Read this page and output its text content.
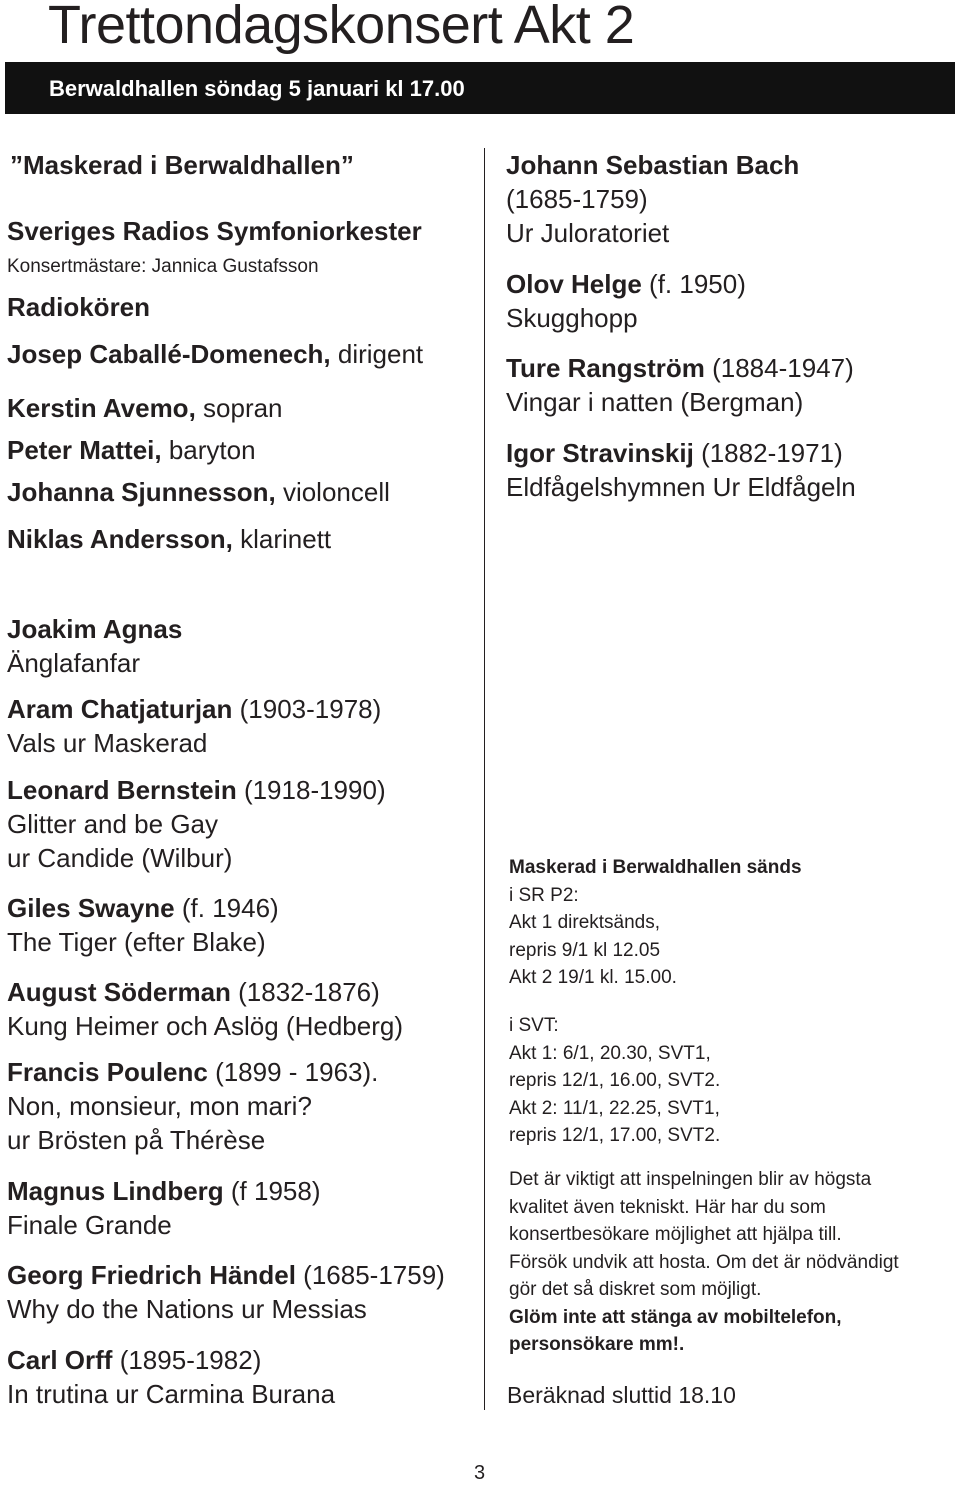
Trettondagskonsert Akt 2
Berwaldhallen söndag 5 januari kl 17.00
”Maskerad i Berwaldhallen”
Sveriges Radios Symfoniorkester
Konsertmästare: Jannica Gustafsson
Radiokören
Josep Caballé-Domenech, dirigent
Kerstin Avemo, sopran
Peter Mattei, baryton
Johanna Sjunnesson, violoncell
Niklas Andersson, klarinett
Johann Sebastian Bach
(1685-1759)
Ur Juloratoriet
Olov Helge (f. 1950)
Skugghopp
Ture Rangström (1884-1947)
Vingar i natten (Bergman)
Igor Stravinskij (1882-1971)
Eldfågelshymnen Ur Eldfågeln
Joakim Agnas
Änglafanfar
Aram Chatjaturjan (1903-1978)
Vals ur Maskerad
Leonard Bernstein (1918-1990)
Glitter and be Gay
ur Candide (Wilbur)
Giles Swayne (f. 1946)
The Tiger (efter Blake)
August Söderman (1832-1876)
Kung Heimer och Aslög (Hedberg)
Francis Poulenc (1899 - 1963).
Non, monsieur, mon mari?
ur Brösten på Thérèse
Magnus Lindberg (f 1958)
Finale Grande
Georg Friedrich Händel (1685-1759)
Why do the Nations ur Messias
Carl Orff (1895-1982)
In trutina ur Carmina Burana
Maskerad i Berwaldhallen sänds
i SR P2:
Akt 1 direktsänds,
repris 9/1 kl 12.05
Akt 2 19/1 kl. 15.00.
i SVT:
Akt 1: 6/1, 20.30, SVT1,
repris 12/1, 16.00, SVT2.
Akt 2: 11/1, 22.25, SVT1,
repris 12/1, 17.00, SVT2.
Det är viktigt att inspelningen blir av högsta
kvalitet även tekniskt. Här har du som
konsertbesökare möjlighet att hjälpa till.
Försök undvik att hosta. Om det är nödvändigt
gör det så diskret som möjligt.
Glöm inte att stänga av mobiltelefon,
personsökare mm!.
Beräknad sluttid 18.10
3
